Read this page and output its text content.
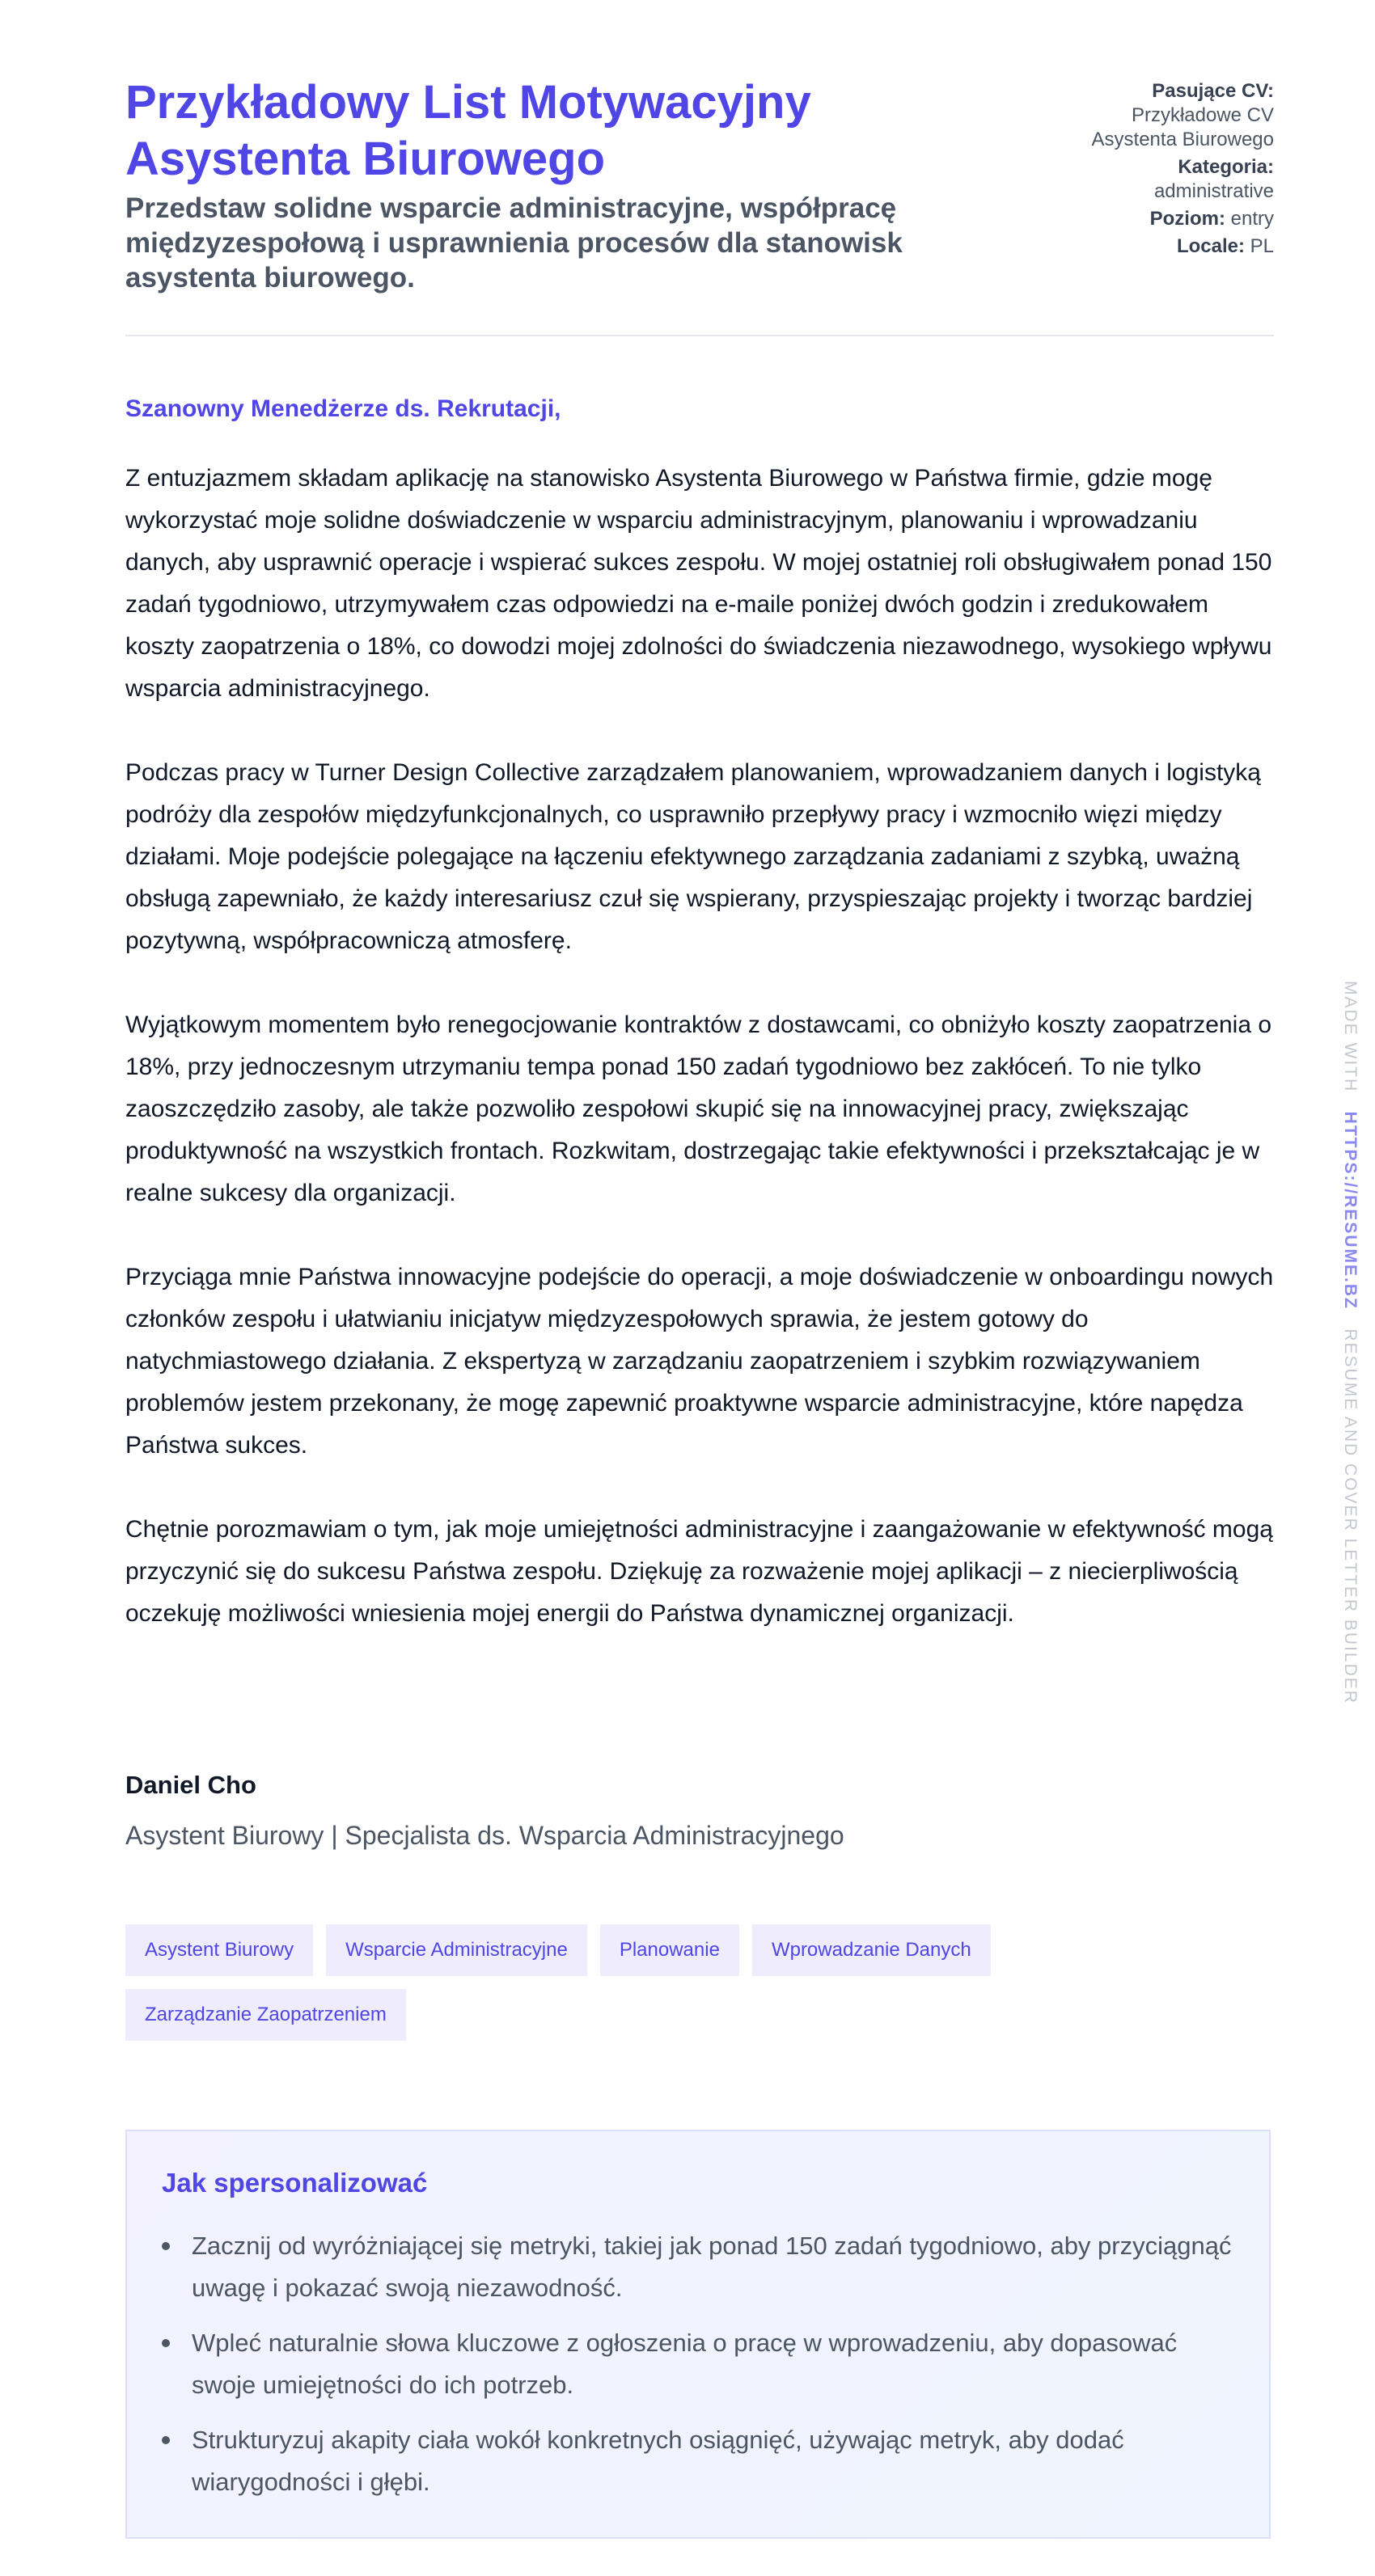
Przykładowy List Motywacyjny Asystenta Biurowego

Przedstaw solidne wsparcie administracyjne, współpracę międzyzespołową i usprawnienia procesów dla stanowisk asystenta biurowego.

Pasujące CV:
Przykładowe CV Asystenta Biurowego
Kategoria:
administrative
Poziom: entry
Locale: PL

Szanowny Menedżerze ds. Rekrutacji,

Z entuzjazmem składam aplikację na stanowisko Asystenta Biurowego w Państwa firmie, gdzie mogę wykorzystać moje solidne doświadczenie w wsparciu administracyjnym, planowaniu i wprowadzaniu danych, aby usprawnić operacje i wspierać sukces zespołu. W mojej ostatniej roli obsługiwałem ponad 150 zadań tygodniowo, utrzymywałem czas odpowiedzi na e-maile poniżej dwóch godzin i zredukowałem koszty zaopatrzenia o 18%, co dowodzi mojej zdolności do świadczenia niezawodnego, wysokiego wpływu wsparcia administracyjnego.

Podczas pracy w Turner Design Collective zarządzałem planowaniem, wprowadzaniem danych i logistyką podróży dla zespołów międzyfunkcjonalnych, co usprawniło przepływy pracy i wzmocniło więzi między działami. Moje podejście polegające na łączeniu efektywnego zarządzania zadaniami z szybką, uważną obsługą zapewniało, że każdy interesariusz czuł się wspierany, przyspieszając projekty i tworząc bardziej pozytywną, współpracowniczą atmosferę.

Wyjątkowym momentem było renegocjowanie kontraktów z dostawcami, co obniżyło koszty zaopatrzenia o 18%, przy jednoczesnym utrzymaniu tempa ponad 150 zadań tygodniowo bez zakłóceń. To nie tylko zaoszczędziło zasoby, ale także pozwoliło zespołowi skupić się na innowacyjnej pracy, zwiększając produktywność na wszystkich frontach. Rozkwitam, dostrzegając takie efektywności i przekształcając je w realne sukcesy dla organizacji.

Przyciąga mnie Państwa innowacyjne podejście do operacji, a moje doświadczenie w onboardingu nowych członków zespołu i ułatwianiu inicjatyw międzyzespołowych sprawia, że jestem gotowy do natychmiastowego działania. Z ekspertyzą w zarządzaniu zaopatrzeniem i szybkim rozwiązywaniem problemów jestem przekonany, że mogę zapewnić proaktywne wsparcie administracyjne, które napędza Państwa sukces.

Chętnie porozmawiam o tym, jak moje umiejętności administracyjne i zaangażowanie w efektywność mogą przyczynić się do sukcesu Państwa zespołu. Dziękuję za rozważenie mojej aplikacji – z niecierpliwością oczekuję możliwości wniesienia mojej energii do Państwa dynamicznej organizacji.

Daniel Cho

Asystent Biurowy | Specjalista ds. Wsparcia Administracyjnego

Asystent Biurowy	Wsparcie Administracyjne	Planowanie	Wprowadzanie Danych
Zarządzanie Zaopatrzeniem
Jak spersonalizować
Zacznij od wyróżniającej się metryki, takiej jak ponad 150 zadań tygodniowo, aby przyciągnąć uwagę i pokazać swoją niezawodność.
Wpleć naturalnie słowa kluczowe z ogłoszenia o pracę w wprowadzeniu, aby dopasować swoje umiejętności do ich potrzeb.
Strukturyzuj akapity ciała wokół konkretnych osiągnięć, używając metryk, aby dodać wiarygodności i głębi.
MADE WITH   HTTPS://RESUME.BZ   RESUME AND COVER LETTER BUILDER
